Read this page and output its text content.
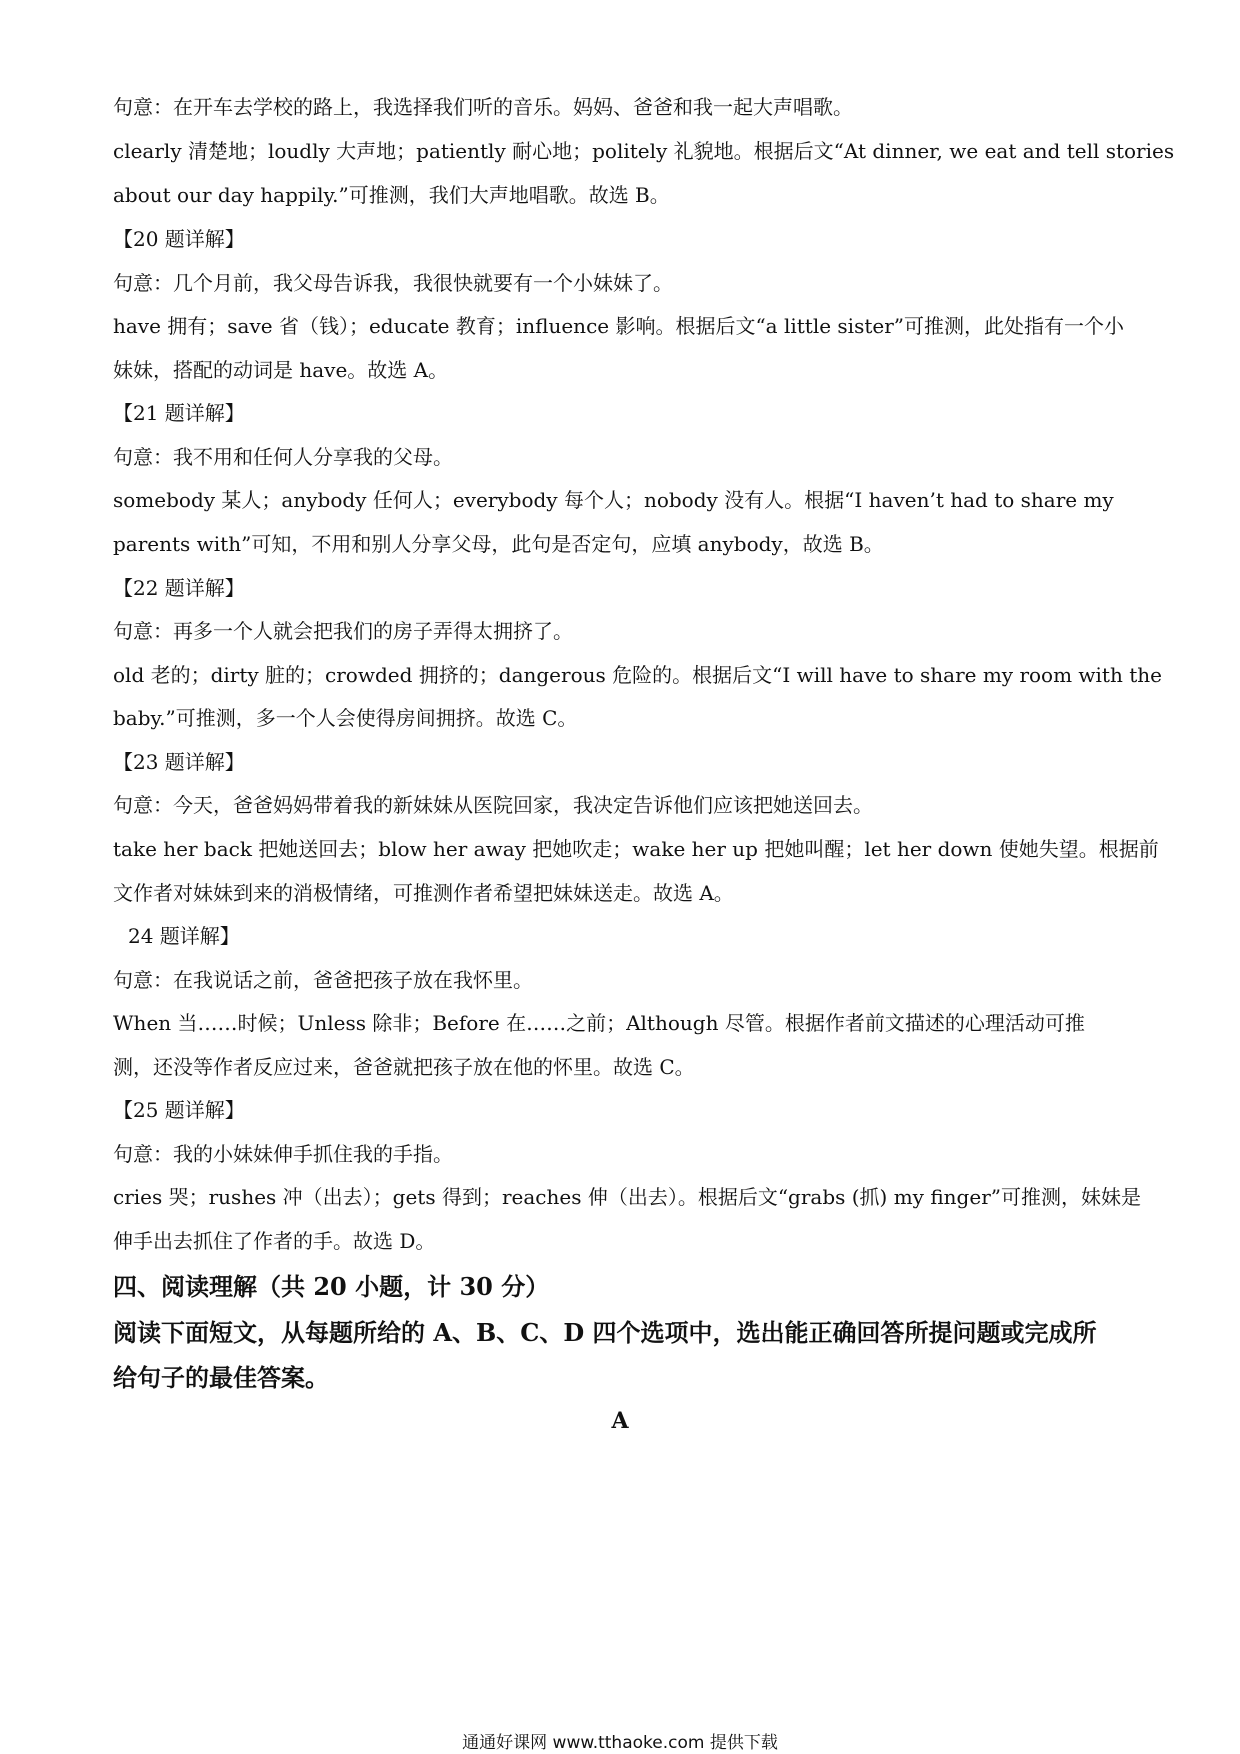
句意：在开车去学校的路上，我选择我们听的音乐。妈妈、爸爸和我一起大声唱歌。
clearly 清楚地；loudly 大声地；patiently 耐心地；politely 礼貌地。根据后文“At dinner, we eat and tell stories
about our day happily.”可推测，我们大声地唱歌。故选 B。
【20 题详解】
句意：几个月前，我父母告诉我，我很快就要有一个小妹妹了。
have 拥有；save 省（钱）；educate 教育；influence 影响。根据后文“a little sister”可推测，此处指有一个小
妹妹，搭配的动词是 have。故选 A。
【21 题详解】
句意：我不用和任何人分享我的父母。
somebody 某人；anybody 任何人；everybody 每个人；nobody 没有人。根据“I haven’t had to share my
parents with”可知，不用和别人分享父母，此句是否定句，应填 anybody，故选 B。
【22 题详解】
句意：再多一个人就会把我们的房子弄得太拥挤了。
old 老的；dirty 脏的；crowded 拥挤的；dangerous 危险的。根据后文“I will have to share my room with the
baby.”可推测，多一个人会使得房间拥挤。故选 C。
【23 题详解】
句意：今天，爸爸妈妈带着我的新妹妹从医院回家，我决定告诉他们应该把她送回去。
take her back 把她送回去；blow her away 把她吹走；wake her up 把她叫醒；let her down 使她失望。根据前
文作者对妹妹到来的消极情绪，可推测作者希望把妹妹送走。故选 A。
24 题详解】
句意：在我说话之前，爸爸把孩子放在我怀里。
When 当……时候；Unless 除非；Before 在……之前；Although 尽管。根据作者前文描述的心理活动可推
测，还没等作者反应过来，爸爸就把孩子放在他的怀里。故选 C。
【25 题详解】
句意：我的小妹妹伸手抓住我的手指。
cries 哭；rushes 冲（出去）；gets 得到；reaches 伸（出去）。根据后文“grabs (抓) my finger”可推测，妹妹是
伸手出去抓住了作者的手。故选 D。
四、阅读理解（共 20 小题，计 30 分）
阅读下面短文，从每题所给的 A、B、C、D 四个选项中，选出能正确回答所提问题或完成所
给句子的最佳答案。
A
通通好课网 www.tthaoke.com 提供下载
